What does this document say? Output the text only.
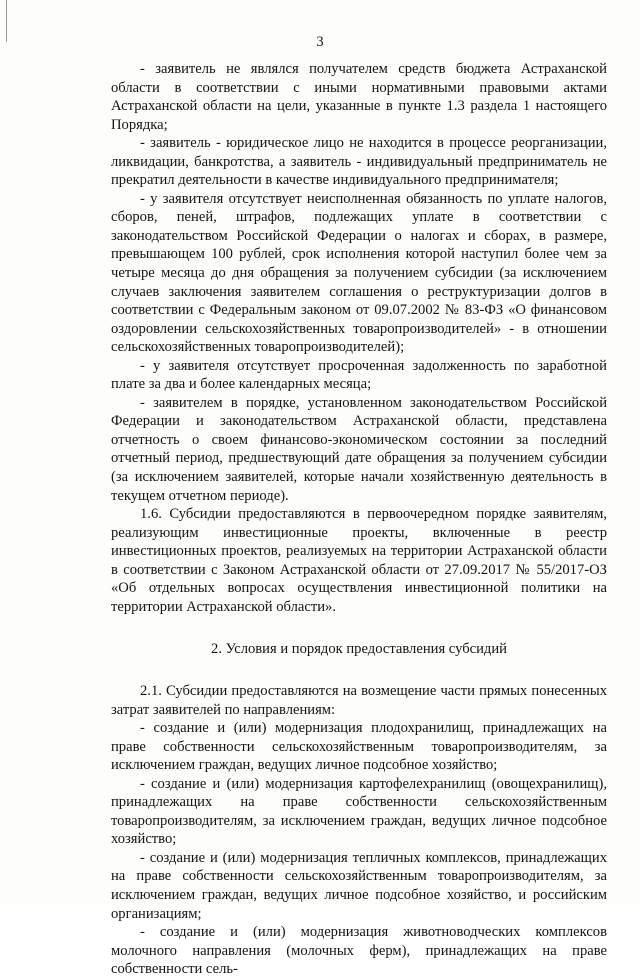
3

- заявитель не являлся получателем средств бюджета Астраханской области в соответствии с иными нормативными правовыми актами Астраханской области на цели, указанные в пункте 1.3 раздела 1 настоящего Порядка;

- заявитель - юридическое лицо не находится в процессе реорганизации, ликвидации, банкротства, а заявитель - индивидуальный предприниматель не прекратил деятельности в качестве индивидуального предпринимателя;

- у заявителя отсутствует неисполненная обязанность по уплате налогов, сборов, пеней, штрафов, подлежащих уплате в соответствии с законодательством Российской Федерации о налогах и сборах, в размере, превышающем 100 рублей, срок исполнения которой наступил более чем за четыре месяца до дня обращения за получением субсидии (за исключением случаев заключения заявителем соглашения о реструктуризации долгов в соответствии с Федеральным законом от 09.07.2002 № 83-ФЗ «О финансовом оздоровлении сельскохозяйственных товаропроизводителей» - в отношении сельскохозяйственных товаропроизводителей);

- у заявителя отсутствует просроченная задолженность по заработной плате за два и более календарных месяца;

- заявителем в порядке, установленном законодательством Российской Федерации и законодательством Астраханской области, представлена отчетность о своем финансово-экономическом состоянии за последний отчетный период, предшествующий дате обращения за получением субсидии (за исключением заявителей, которые начали хозяйственную деятельность в текущем отчетном периоде).

1.6. Субсидии предоставляются в первоочередном порядке заявителям, реализующим инвестиционные проекты, включенные в реестр инвестиционных проектов, реализуемых на территории Астраханской области в соответствии с Законом Астраханской области от 27.09.2017 № 55/2017-ОЗ «Об отдельных вопросах осуществления инвестиционной политики на территории Астраханской области».

2. Условия и порядок предоставления субсидий

2.1. Субсидии предоставляются на возмещение части прямых понесенных затрат заявителей по направлениям:

- создание и (или) модернизация плодохранилищ, принадлежащих на праве собственности сельскохозяйственным товаропроизводителям, за исключением граждан, ведущих личное подсобное хозяйство;

- создание и (или) модернизация картофелехранилищ (овощехранилищ), принадлежащих на праве собственности сельскохозяйственным товаропроизводителям, за исключением граждан, ведущих личное подсобное хозяйство;

- создание и (или) модернизация тепличных комплексов, принадлежащих на праве собственности сельскохозяйственным товаропроизводителям, за исключением граждан, ведущих личное подсобное хозяйство, и российским организациям;

- создание и (или) модернизация животноводческих комплексов молочного направления (молочных ферм), принадлежащих на праве собственности сель-
